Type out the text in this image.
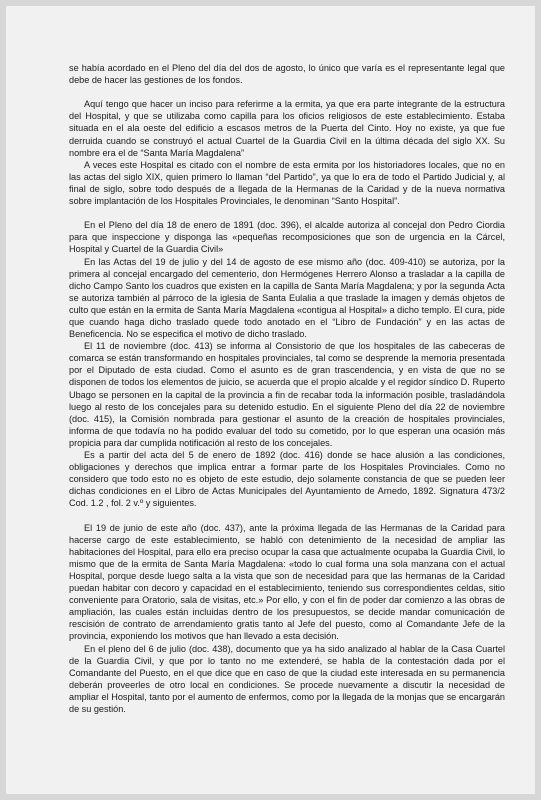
se había acordado en el Pleno del día del dos de agosto, lo único que varía es el representante legal que debe de hacer las gestiones de los fondos.

Aquí tengo que hacer un inciso para referirme a la ermita, ya que era parte integrante de la estructura del Hospital, y que se utilizaba como capilla para los oficios religiosos de este establecimiento. Estaba situada en el ala oeste del edificio a escasos metros de la Puerta del Cinto. Hoy no existe, ya que fue derruida cuando se construyó el actual Cuartel de la Guardia Civil en la última década del siglo XX. Su nombre era el de “Santa María Magdalena”

A veces este Hospital es citado con el nombre de esta ermita por los historiadores locales, que no en las actas del siglo XIX, quien primero lo llaman “del Partido”, ya que lo era de todo el Partido Judicial y, al final de siglo, sobre todo después de a llegada de la Hermanas de la Caridad y de la nueva normativa sobre implantación de los Hospitales Provinciales, le denominan “Santo Hospital”.

En el Pleno del día 18 de enero de 1891 (doc. 396), el alcalde autoriza al concejal don Pedro Ciordia para que inspeccione y disponga las «pequeñas recomposiciones que son de urgencia en la Cárcel, Hospital y Cuartel de la Guardia Civil»

En las Actas del 19 de julio y del 14 de agosto de ese mismo año (doc. 409-410) se autoriza, por la primera al concejal encargado del cementerio, don Hermógenes Herrero Alonso a trasladar a la capilla de dicho Campo Santo los cuadros que existen en la capilla de Santa María Magdalena; y por la segunda Acta se autoriza también al párroco de la iglesia de Santa Eulalia a que traslade la imagen y demás objetos de culto que están en la ermita de Santa María Magdalena «contigua al Hospital» a dicho templo. El cura, pide que cuando haga dicho traslado quede todo anotado en el “Libro de Fundación” y en las actas de Beneficencia. No se especifica el motivo de dicho traslado.

El 11 de noviembre (doc. 413) se informa al Consistorio de que los hospitales de las cabeceras de comarca se están transformando en hospitales provinciales, tal como se desprende la memoria presentada por el Diputado de esta ciudad. Como el asunto es de gran trascendencia, y en vista de que no se disponen de todos los elementos de juicio, se acuerda que el propio alcalde y el regidor síndico D. Ruperto Ubago se personen en la capital de la provincia a fin de recabar toda la información posible, trasladándola luego al resto de los concejales para su detenido estudio. En el siguiente Pleno del día 22 de noviembre (doc. 415), la Comisión nombrada para gestionar el asunto de la creación de hospitales provinciales, informa de que todavía no ha podido evaluar del todo su cometido, por lo que esperan una ocasión más propicia para dar cumplida notificación al resto de los concejales.

Es a partir del acta del 5 de enero de 1892 (doc. 416) donde se hace alusión a las condiciones, obligaciones y derechos que implica entrar a formar parte de los Hospitales Provinciales. Como no considero que todo esto no es objeto de este estudio, dejo solamente constancia de que se pueden leer dichas condiciones en el Libro de Actas Municipales del Ayuntamiento de Arnedo, 1892. Signatura 473/2 Cod. 1.2 , fol. 2 v.º y siguientes.

El 19 de junio de este año (doc. 437), ante la próxima llegada de las Hermanas de la Caridad para hacerse cargo de este establecimiento, se habló con detenimiento de la necesidad de ampliar las habitaciones del Hospital, para ello era preciso ocupar la casa que actualmente ocupaba la Guardia Civil, lo mismo que de la ermita de Santa María Magdalena: «todo lo cual forma una sola manzana con el actual Hospital, porque desde luego salta a la vista que son de necesidad para que las hermanas de la Caridad puedan habitar con decoro y capacidad en el establecimiento, teniendo sus correspondientes celdas, sitio conveniente para Oratorio, sala de visitas, etc.» Por ello, y con el fin de poder dar comienzo a las obras de ampliación, las cuales están incluidas dentro de los presupuestos, se decide mandar comunicación de rescisión de contrato de arrendamiento gratis tanto al Jefe del puesto, como al Comandante Jefe de la provincia, exponiendo los motivos que han llevado a esta decisión.

En el pleno del 6 de julio (doc. 438), documento que ya ha sido analizado al hablar de la Casa Cuartel de la Guardia Civil, y que por lo tanto no me extenderé, se habla de la contestación dada por el Comandante del Puesto, en el que dice que en caso de que la ciudad este interesada en su permanencia deberán proveerles de otro local en condiciones. Se procede nuevamente a discutir la necesidad de ampliar el Hospital, tanto por el aumento de enfermos, como por la llegada de la monjas que se encargarán de su gestión.
